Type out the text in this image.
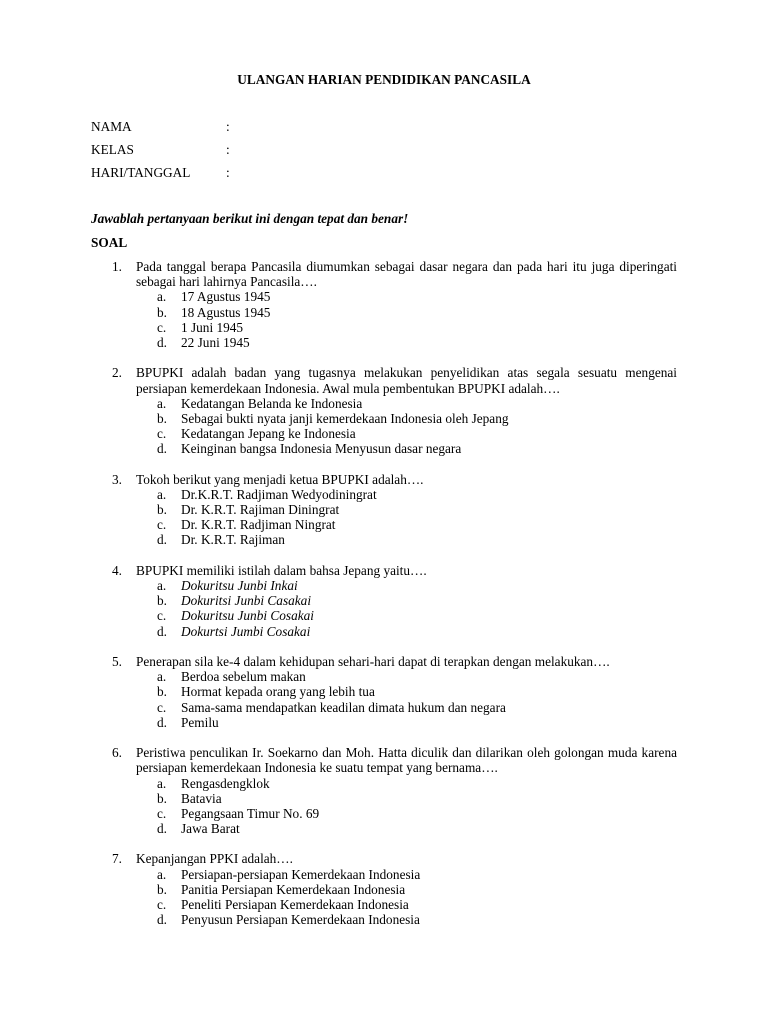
ULANGAN HARIAN PENDIDIKAN PANCASILA
NAMA	:
KELAS	:
HARI/TANGGAL	:
Jawablah pertanyaan berikut ini dengan tepat dan benar!
SOAL
1. Pada tanggal berapa Pancasila diumumkan sebagai dasar negara dan pada hari itu juga diperingati sebagai hari lahirnya Pancasila….
a. 17 Agustus 1945
b. 18 Agustus 1945
c. 1 Juni 1945
d. 22 Juni 1945
2. BPUPKI adalah badan yang tugasnya melakukan penyelidikan atas segala sesuatu mengenai persiapan kemerdekaan Indonesia. Awal mula pembentukan BPUPKI adalah….
a. Kedatangan Belanda ke Indonesia
b. Sebagai bukti nyata janji kemerdekaan Indonesia oleh Jepang
c. Kedatangan Jepang ke Indonesia
d. Keinginan bangsa Indonesia Menyusun dasar negara
3. Tokoh berikut yang menjadi ketua BPUPKI adalah….
a. Dr.K.R.T. Radjiman Wedyodiningrat
b. Dr. K.R.T. Rajiman Diningrat
c. Dr. K.R.T. Radjiman Ningrat
d. Dr. K.R.T. Rajiman
4. BPUPKI memiliki istilah dalam bahsa Jepang yaitu….
a. Dokuritsu Junbi Inkai
b. Dokuritsi Junbi Casakai
c. Dokuritsu Junbi Cosakai
d. Dokurtsi Jumbi Cosakai
5. Penerapan sila ke-4 dalam kehidupan sehari-hari dapat di terapkan dengan melakukan….
a. Berdoa sebelum makan
b. Hormat kepada orang yang lebih tua
c. Sama-sama mendapatkan keadilan dimata hukum dan negara
d. Pemilu
6. Peristiwa penculikan Ir. Soekarno dan Moh. Hatta diculik dan dilarikan oleh golongan muda karena persiapan kemerdekaan Indonesia ke suatu tempat yang bernama….
a. Rengasdengklok
b. Batavia
c. Pegangsaan Timur No. 69
d. Jawa Barat
7. Kepanjangan PPKI adalah….
a. Persiapan-persiapan Kemerdekaan Indonesia
b. Panitia Persiapan Kemerdekaan Indonesia
c. Peneliti Persiapan Kemerdekaan Indonesia
d. Penyusun Persiapan Kemerdekaan Indonesia
